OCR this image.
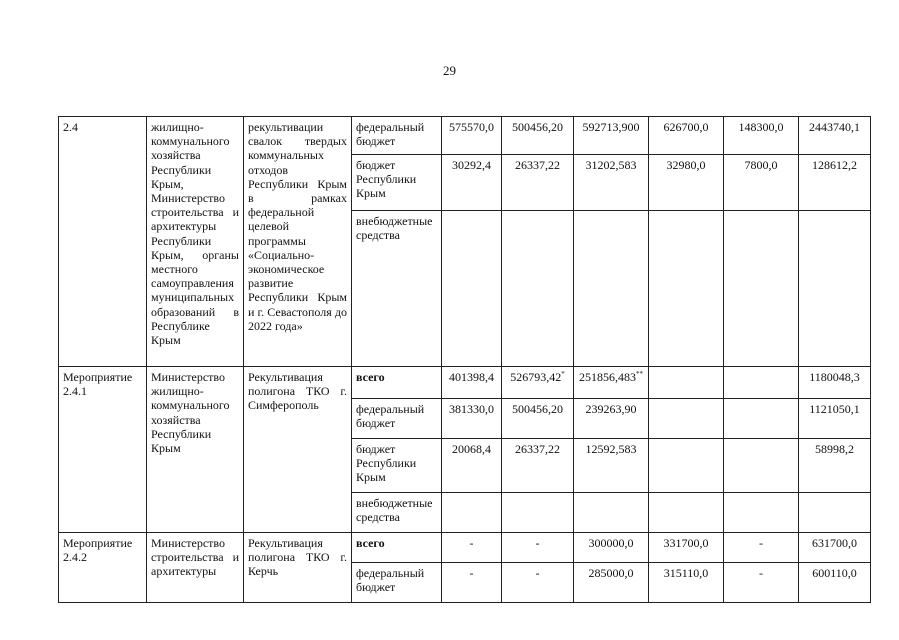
29
2.4	жилищно-коммунального хозяйства Республики Крым, Министерство строительства и архитектуры Республики Крым, органы местного самоуправления муниципальных образований в Республике Крым	рекультивации свалок твердых коммунальных отходов Республики Крым в рамках федеральной целевой программы «Социально-экономическое развитие Республики Крым и г. Севастополя до 2022 года»	федеральный бюджет	575570,0	500456,20	592713,900	626700,0	148300,0	2443740,1
			бюджет Республики Крым	30292,4	26337,22	31202,583	32980,0	7800,0	128612,2
			внебюджетные средства						
Мероприятие 2.4.1	Министерство жилищно-коммунального хозяйства Республики Крым	Рекультивация полигона ТКО г. Симферополь	всего	401398,4	526793,42*	251856,483**			1180048,3
			федеральный бюджет	381330,0	500456,20	239263,90			1121050,1
			бюджет Республики Крым	20068,4	26337,22	12592,583			58998,2
			внебюджетные средства						
Мероприятие 2.4.2	Министерство строительства и архитектуры	Рекультивация полигона ТКО г. Керчь	всего	-	-	300000,0	331700,0	-	631700,0
			федеральный бюджет	-	-	285000,0	315110,0	-	600110,0
